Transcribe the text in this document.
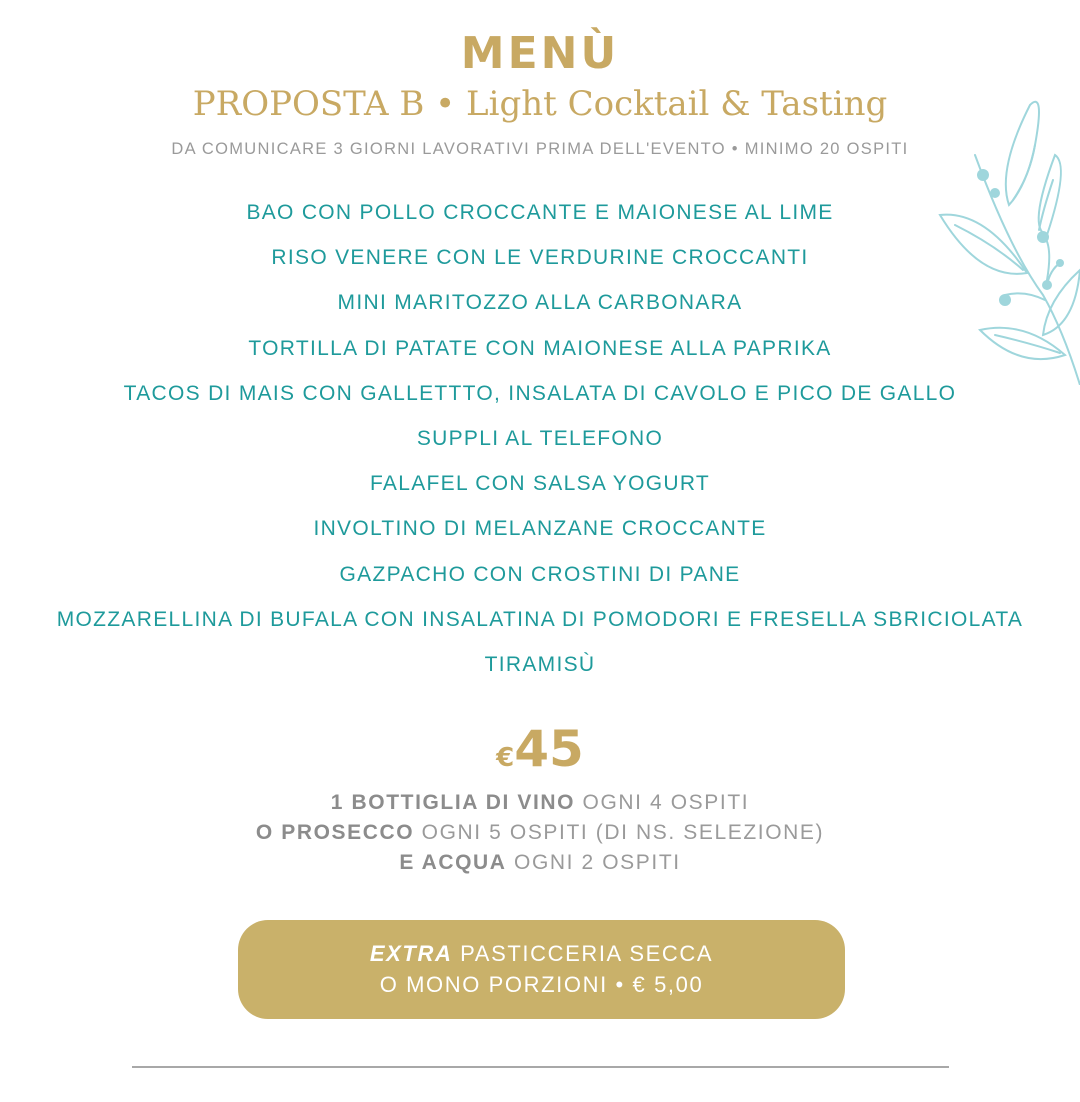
MENÙ
PROPOSTA B • Light Cocktail & Tasting
DA COMUNICARE 3 GIORNI LAVORATIVI PRIMA DELL'EVENTO • MINIMO 20 OSPITI
BAO CON POLLO CROCCANTE E MAIONESE AL LIME
RISO VENERE CON LE VERDURINE CROCCANTI
MINI MARITOZZO ALLA CARBONARA
TORTILLA DI PATATE CON MAIONESE ALLA PAPRIKA
TACOS DI MAIS CON GALLETTTO, INSALATA DI CAVOLO E PICO DE GALLO
SUPPLI AL TELEFONO
FALAFEL CON SALSA YOGURT
INVOLTINO DI MELANZANE CROCCANTE
GAZPACHO CON CROSTINI DI PANE
MOZZARELLINA DI BUFALA CON INSALATINA DI POMODORI E FRESELLA SBRICIOLATA
TIRAMISÙ
€45
1 BOTTIGLIA DI VINO OGNI 4 OSPITI
O PROSECCO OGNI 5 OSPITI (DI NS. SELEZIONE)
E ACQUA OGNI 2 OSPITI
EXTRA PASTICCERIA SECCA
O MONO PORZIONI • € 5,00
